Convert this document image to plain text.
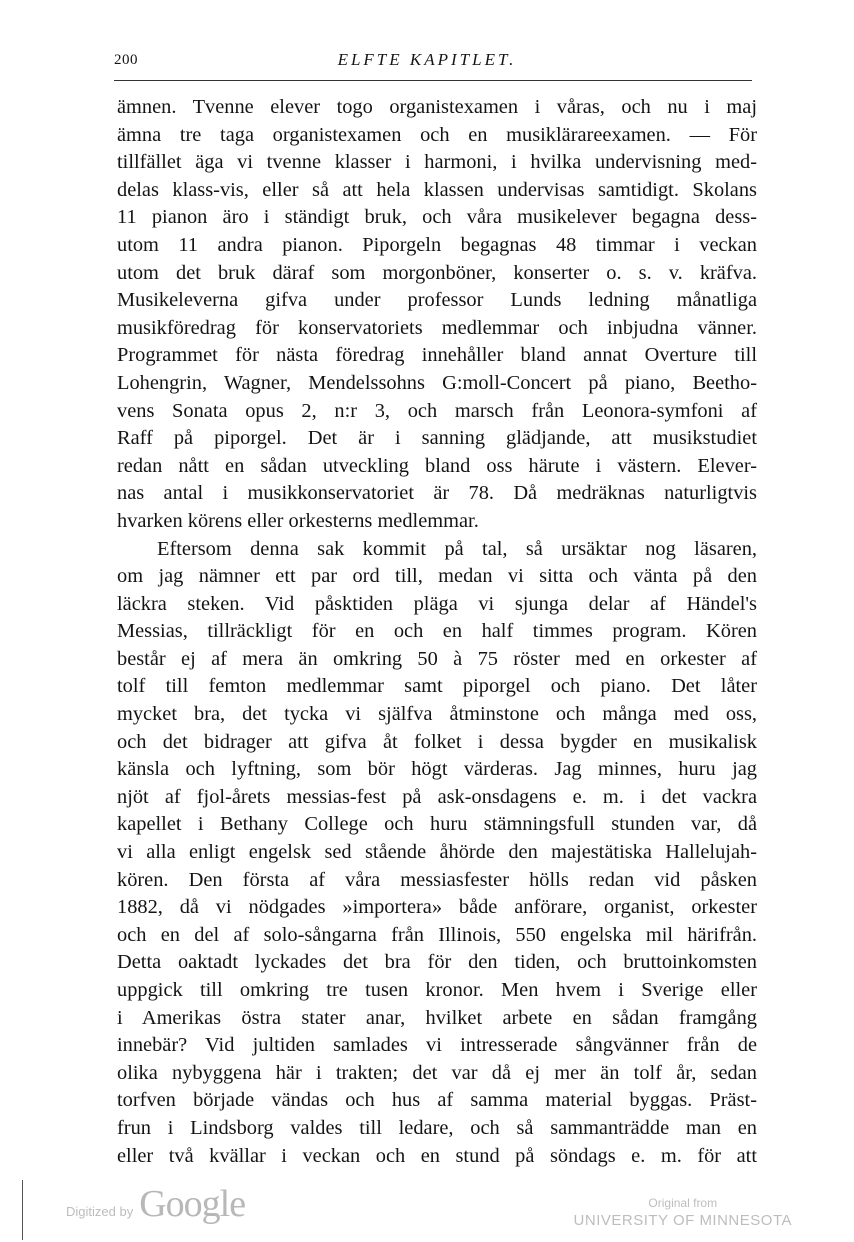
200	ELFTE KAPITLET.
ämnen. Tvenne elever togo organistexamen i våras, och nu i maj
ämna tre taga organistexamen och en musiklärareexamen. — För
tillfället äga vi tvenne klasser i harmoni, i hvilka undervisning med-
delas klass-vis, eller så att hela klassen undervisas samtidigt. Skolans
11 pianon äro i ständigt bruk, och våra musikelever begagna dess-
utom 11 andra pianon. Piporgeln begagnas 48 timmar i veckan
utom det bruk däraf som morgonböner, konserter o. s. v. kräfva.
Musikeleverna gifva under professor Lunds ledning månatliga
musikföredrag för konservatoriets medlemmar och inbjudna vänner.
Programmet för nästa föredrag innehåller bland annat Overture till
Lohengrin, Wagner, Mendelssohns G:moll-Concert på piano, Beetho-
vens Sonata opus 2, n:r 3, och marsch från Leonora-symfoni af
Raff på piporgel. Det är i sanning glädjande, att musikstudiet
redan nått en sådan utveckling bland oss härute i västern. Elever-
nas antal i musikkonservatoriet är 78. Då medräknas naturligtvis
hvarken körens eller orkesterns medlemmar.
Eftersom denna sak kommit på tal, så ursäktar nog läsaren,
om jag nämner ett par ord till, medan vi sitta och vänta på den
läckra steken. Vid påsktiden pläga vi sjunga delar af Händel's
Messias, tillräckligt för en och en half timmes program. Kören
består ej af mera än omkring 50 à 75 röster med en orkester af
tolf till femton medlemmar samt piporgel och piano. Det låter
mycket bra, det tycka vi själfva åtminstone och många med oss,
och det bidrager att gifva åt folket i dessa bygder en musikalisk
känsla och lyftning, som bör högt värderas. Jag minnes, huru jag
njöt af fjol-årets messias-fest på ask-onsdagens e. m. i det vackra
kapellet i Bethany College och huru stämningsfull stunden var, då
vi alla enligt engelsk sed stående åhörde den majestätiska Hallelujah-
kören. Den första af våra messiasfester hölls redan vid påsken
1882, då vi nödgades »importera» både anförare, organist, orkester
och en del af solo-sångarna från Illinois, 550 engelska mil härifrån.
Detta oaktadt lyckades det bra för den tiden, och bruttoinkomsten
uppgick till omkring tre tusen kronor. Men hvem i Sverige eller
i Amerikas östra stater anar, hvilket arbete en sådan framgång
innebär? Vid jultiden samlades vi intresserade sångvänner från de
olika nybyggena här i trakten; det var då ej mer än tolf år, sedan
torfven började vändas och hus af samma material byggas. Präst-
frun i Lindsborg valdes till ledare, och så sammanträdde man en
eller två kvällar i veckan och en stund på söndags e. m. för att
Digitized by Google	Original from
UNIVERSITY OF MINNESOTA
